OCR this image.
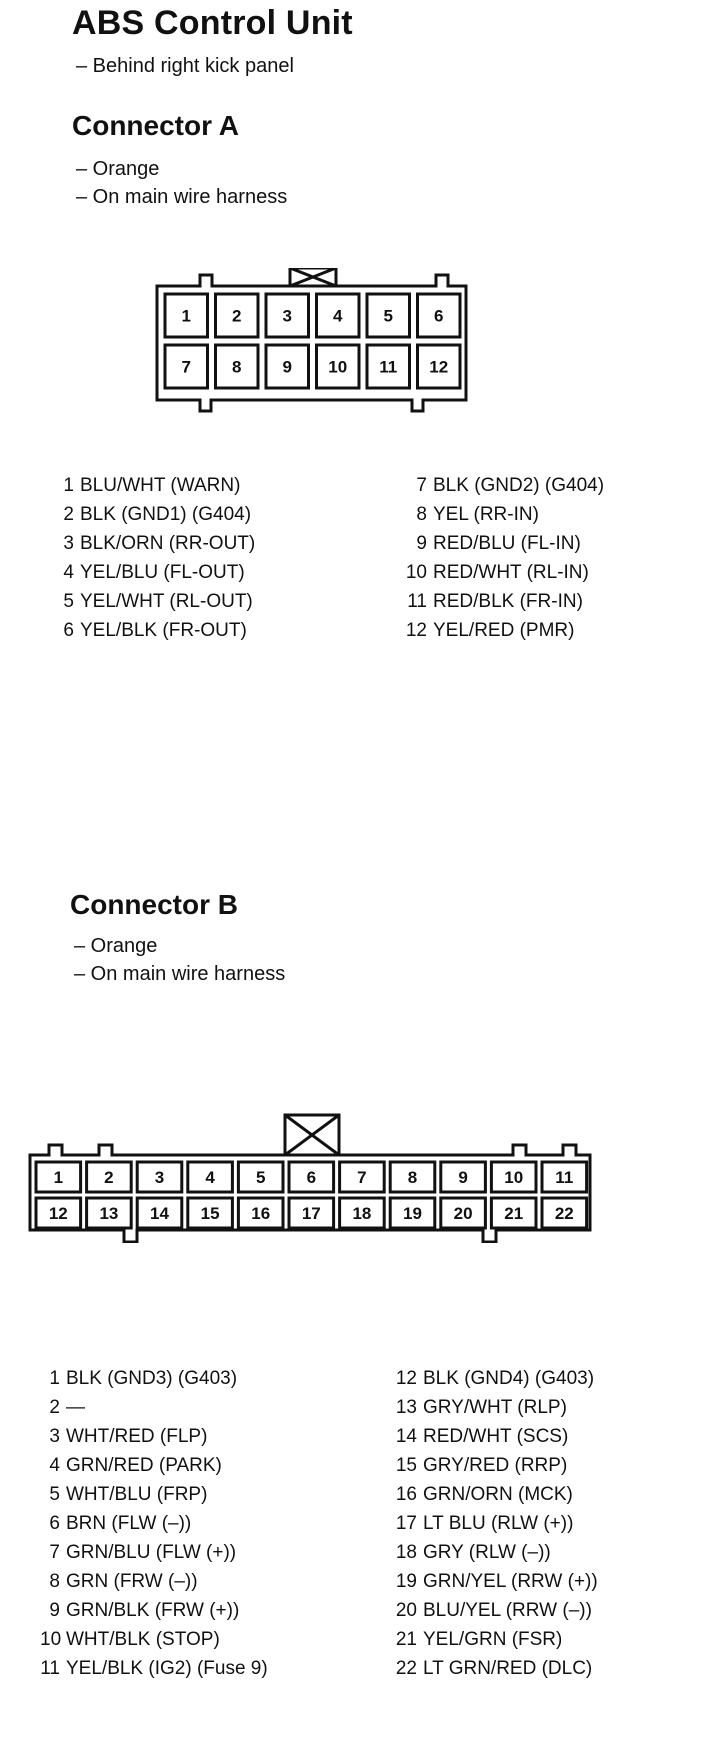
ABS Control Unit
– Behind right kick panel
Connector A
– Orange
– On main wire harness
1 2 3 4 5 6
7 8 9 10 11 12
1 BLU/WHT (WARN)
2 BLK (GND1) (G404)
3 BLK/ORN (RR-OUT)
4 YEL/BLU (FL-OUT)
5 YEL/WHT (RL-OUT)
6 YEL/BLK (FR-OUT)
7 BLK (GND2) (G404)
8 YEL (RR-IN)
9 RED/BLU (FL-IN)
10 RED/WHT (RL-IN)
11 RED/BLK (FR-IN)
12 YEL/RED (PMR)
Connector B
– Orange
– On main wire harness
1 2 3 4 5 6 7 8 9 10 11
12 13 14 15 16 17 18 19 20 21 22
1 BLK (GND3) (G403)
2 —
3 WHT/RED (FLP)
4 GRN/RED (PARK)
5 WHT/BLU (FRP)
6 BRN (FLW (–))
7 GRN/BLU (FLW (+))
8 GRN (FRW (–))
9 GRN/BLK (FRW (+))
10 WHT/BLK (STOP)
11 YEL/BLK (IG2) (Fuse 9)
12 BLK (GND4) (G403)
13 GRY/WHT (RLP)
14 RED/WHT (SCS)
15 GRY/RED (RRP)
16 GRN/ORN (MCK)
17 LT BLU (RLW (+))
18 GRY (RLW (–))
19 GRN/YEL (RRW (+))
20 BLU/YEL (RRW (–))
21 YEL/GRN (FSR)
22 LT GRN/RED (DLC)
